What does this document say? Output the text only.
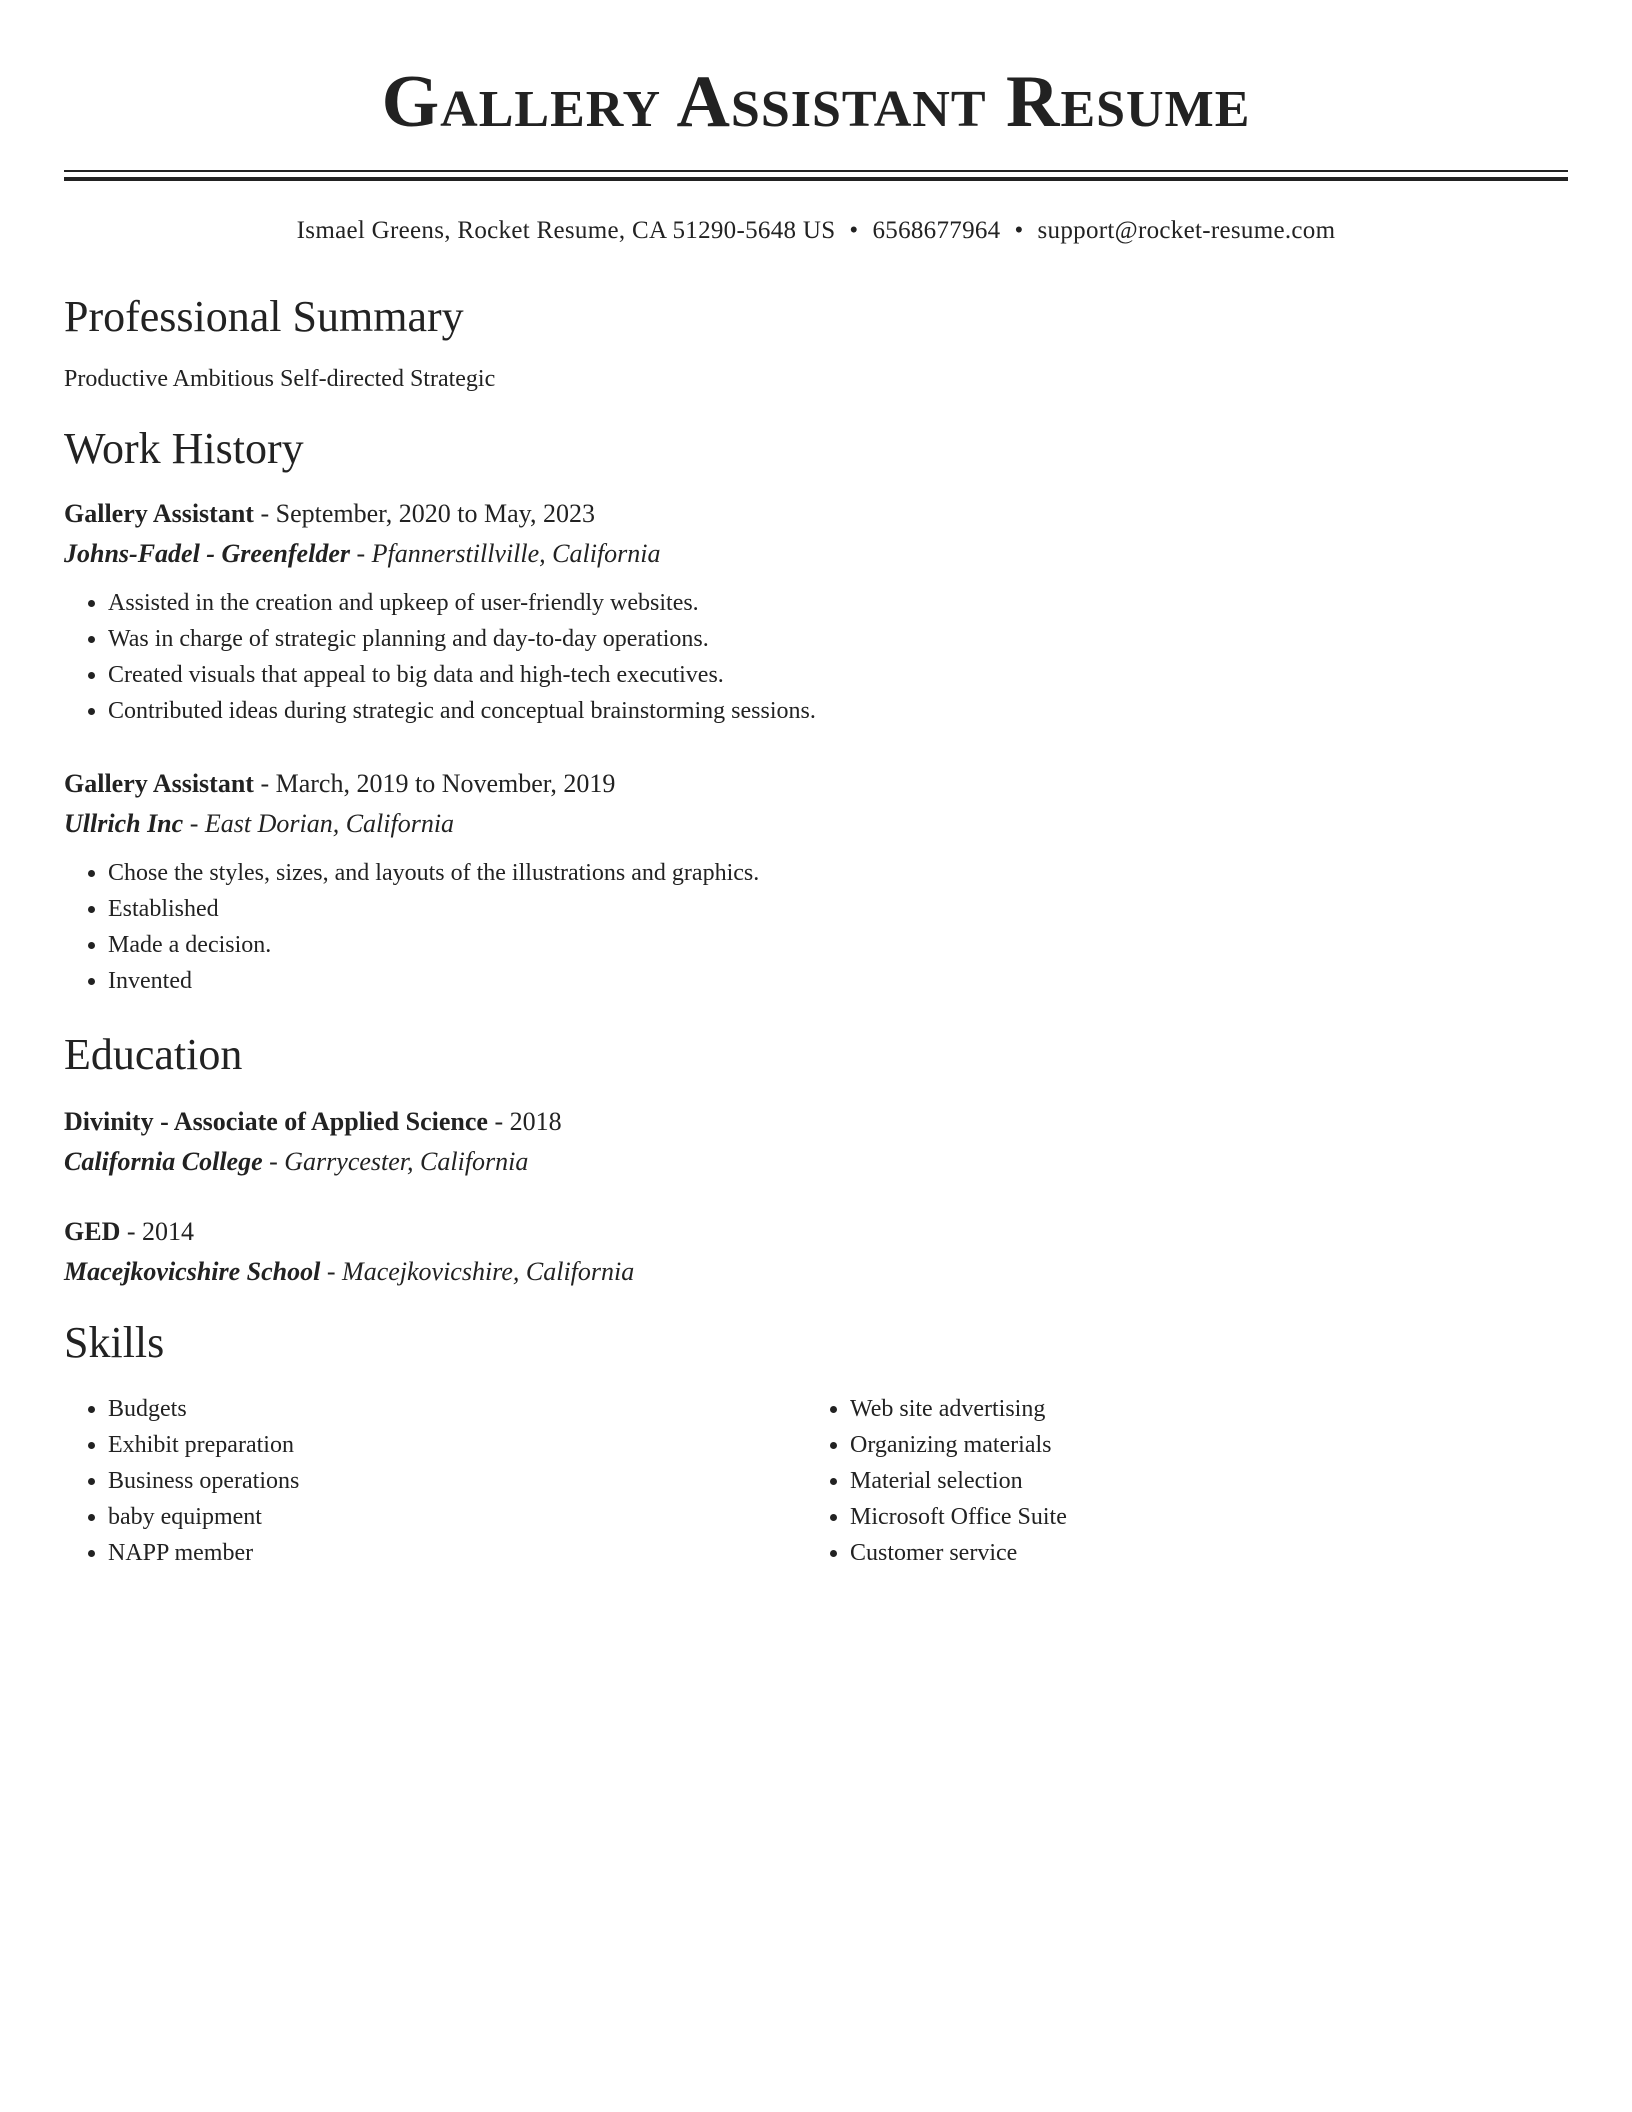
Gallery Assistant Resume
Ismael Greens, Rocket Resume, CA 51290-5648 US • 6568677964 • support@rocket-resume.com
Professional Summary
Productive Ambitious Self-directed Strategic
Work History
Gallery Assistant - September, 2020 to May, 2023
Johns-Fadel - Greenfelder - Pfannerstillville, California
• Assisted in the creation and upkeep of user-friendly websites.
• Was in charge of strategic planning and day-to-day operations.
• Created visuals that appeal to big data and high-tech executives.
• Contributed ideas during strategic and conceptual brainstorming sessions.
Gallery Assistant - March, 2019 to November, 2019
Ullrich Inc - East Dorian, California
• Chose the styles, sizes, and layouts of the illustrations and graphics.
• Established
• Made a decision.
• Invented
Education
Divinity - Associate of Applied Science - 2018
California College - Garrycester, California
GED - 2014
Macejkovicshire School - Macejkovicshire, California
Skills
• Budgets
• Exhibit preparation
• Business operations
• baby equipment
• NAPP member
• Web site advertising
• Organizing materials
• Material selection
• Microsoft Office Suite
• Customer service
